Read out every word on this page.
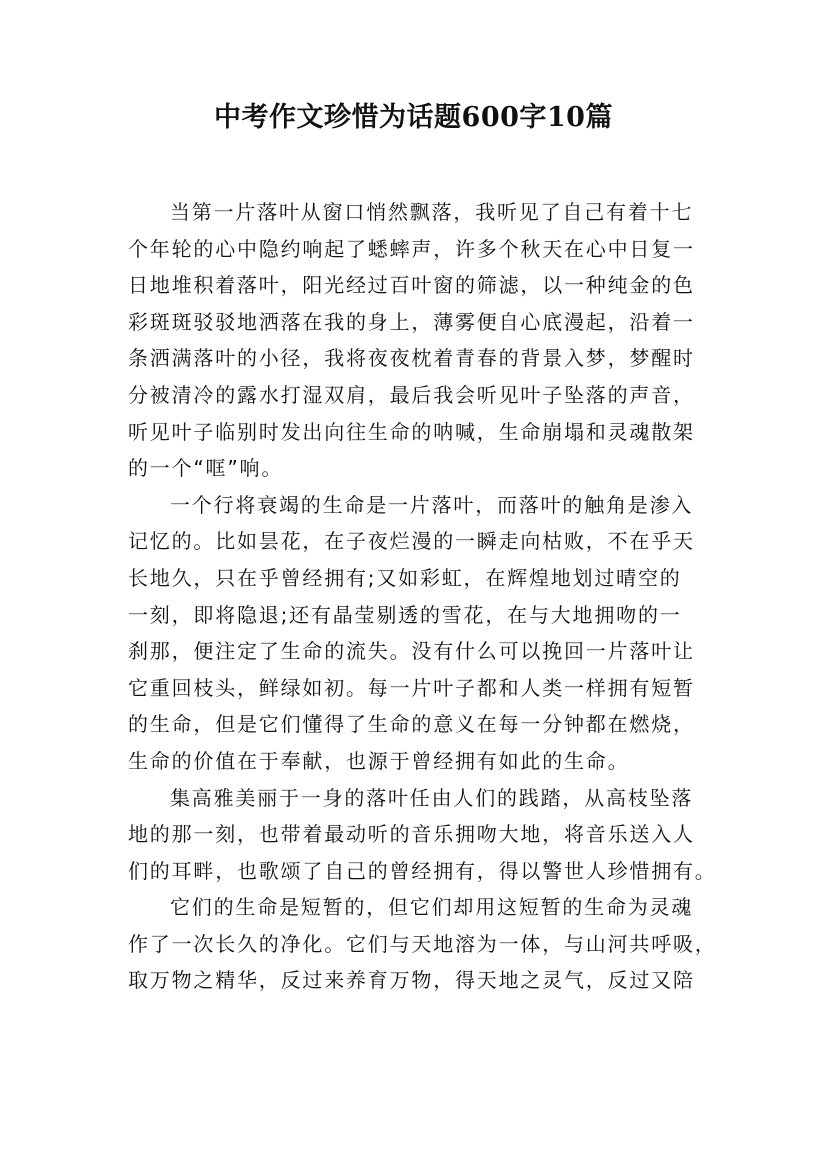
中考作文珍惜为话题600字10篇
当第一片落叶从窗口悄然飘落，我听见了自己有着十七
个年轮的心中隐约响起了蟋蟀声，许多个秋天在心中日复一
日地堆积着落叶，阳光经过百叶窗的筛滤，以一种纯金的色
彩斑斑驳驳地洒落在我的身上，薄雾便自心底漫起，沿着一
条洒满落叶的小径，我将夜夜枕着青春的背景入梦，梦醒时
分被清冷的露水打湿双肩，最后我会听见叶子坠落的声音，
听见叶子临别时发出向往生命的呐喊，生命崩塌和灵魂散架
的一个“哐”响。
一个行将衰竭的生命是一片落叶，而落叶的触角是渗入
记忆的。比如昙花，在子夜烂漫的一瞬走向枯败，不在乎天
长地久，只在乎曾经拥有;又如彩虹，在辉煌地划过晴空的
一刻，即将隐退;还有晶莹剔透的雪花，在与大地拥吻的一
刹那，便注定了生命的流失。没有什么可以挽回一片落叶让
它重回枝头，鲜绿如初。每一片叶子都和人类一样拥有短暂
的生命，但是它们懂得了生命的意义在每一分钟都在燃烧，
生命的价值在于奉献，也源于曾经拥有如此的生命。
集高雅美丽于一身的落叶任由人们的践踏，从高枝坠落
地的那一刻，也带着最动听的音乐拥吻大地，将音乐送入人
们的耳畔，也歌颂了自己的曾经拥有，得以警世人珍惜拥有。
它们的生命是短暂的，但它们却用这短暂的生命为灵魂
作了一次长久的净化。它们与天地溶为一体，与山河共呼吸，
取万物之精华，反过来养育万物，得天地之灵气，反过又陪
